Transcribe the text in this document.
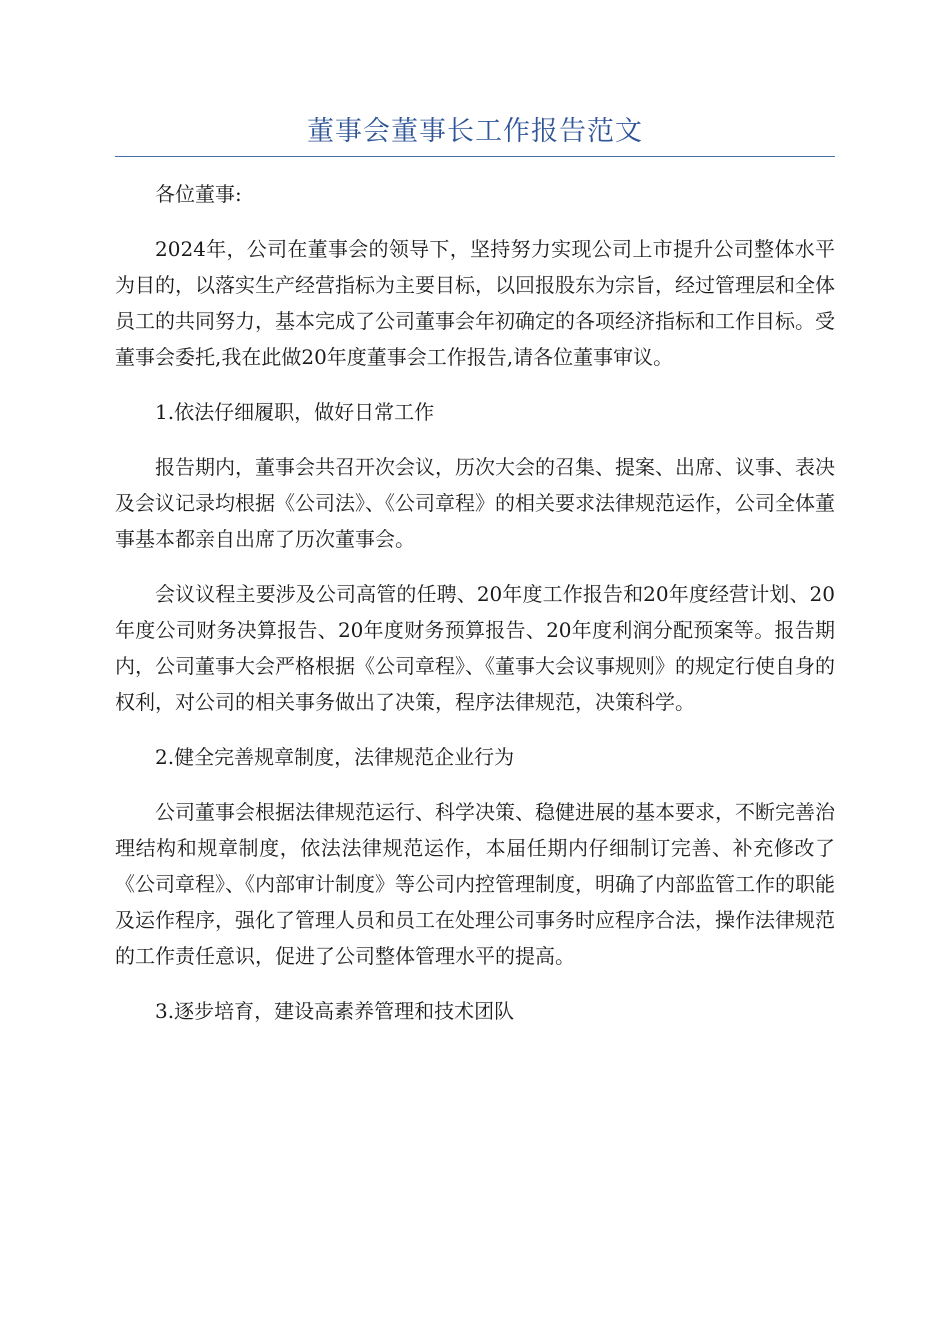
董事会董事长工作报告范文

各位董事:

2024年，公司在董事会的领导下，坚持努力实现公司上市提升公司整体水平为目的，以落实生产经营指标为主要目标，以回报股东为宗旨，经过管理层和全体员工的共同努力，基本完成了公司董事会年初确定的各项经济指标和工作目标。受董事会委托,我在此做20年度董事会工作报告,请各位董事审议。

1.依法仔细履职，做好日常工作

报告期内，董事会共召开次会议，历次大会的召集、提案、出席、议事、表决及会议记录均根据《公司法》、《公司章程》的相关要求法律规范运作，公司全体董事基本都亲自出席了历次董事会。

会议议程主要涉及公司高管的任聘、20年度工作报告和20年度经营计划、20年度公司财务决算报告、20年度财务预算报告、20年度利润分配预案等。报告期内，公司董事大会严格根据《公司章程》、《董事大会议事规则》的规定行使自身的权利，对公司的相关事务做出了决策，程序法律规范，决策科学。

2.健全完善规章制度，法律规范企业行为

公司董事会根据法律规范运行、科学决策、稳健进展的基本要求，不断完善治理结构和规章制度，依法法律规范运作，本届任期内仔细制订完善、补充修改了《公司章程》、《内部审计制度》等公司内控管理制度，明确了内部监管工作的职能及运作程序，强化了管理人员和员工在处理公司事务时应程序合法，操作法律规范的工作责任意识，促进了公司整体管理水平的提高。

3.逐步培育，建设高素养管理和技术团队
